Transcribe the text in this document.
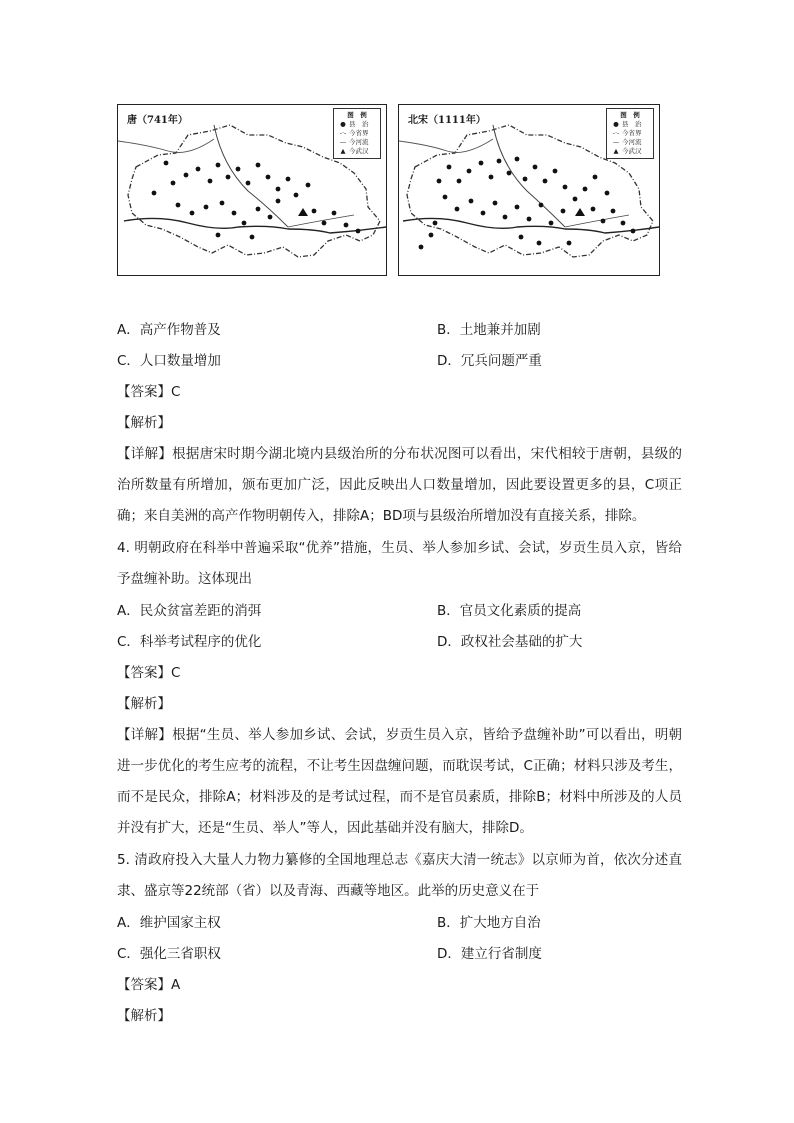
唐（741年）	图　例
● 县　治
-·- 今省界
— 今河流
▲ 今武汉
北宋（1111年）	图　例
● 县　治
-·- 今省界
— 今河流
▲ 今武汉
A．高产作物普及	B．土地兼并加剧
C．人口数量增加	D．冗兵问题严重
【答案】C
【解析】
【详解】根据唐宋时期今湖北境内县级治所的分布状况图可以看出，宋代相较于唐朝，县级的治所数量有所增加，颁布更加广泛，因此反映出人口数量增加，因此要设置更多的县，C项正确；来自美洲的高产作物明朝传入，排除A；BD项与县级治所增加没有直接关系，排除。
4. 明朝政府在科举中普遍采取“优养”措施，生员、举人参加乡试、会试，岁贡生员入京，皆给予盘缠补助。这体现出
A．民众贫富差距的消弭	B．官员文化素质的提高
C．科举考试程序的优化	D．政权社会基础的扩大
【答案】C
【解析】
【详解】根据“生员、举人参加乡试、会试，岁贡生员入京，皆给予盘缠补助”可以看出，明朝进一步优化的考生应考的流程，不让考生因盘缠问题，而耽误考试，C正确；材料只涉及考生，而不是民众，排除A；材料涉及的是考试过程，而不是官员素质，排除B；材料中所涉及的人员并没有扩大，还是“生员、举人”等人，因此基础并没有脑大，排除D。
5. 清政府投入大量人力物力纂修的全国地理总志《嘉庆大清一统志》以京师为首，依次分述直隶、盛京等22统部（省）以及青海、西藏等地区。此举的历史意义在于
A．维护国家主权	B．扩大地方自治
C．强化三省职权	D．建立行省制度
【答案】A
【解析】
